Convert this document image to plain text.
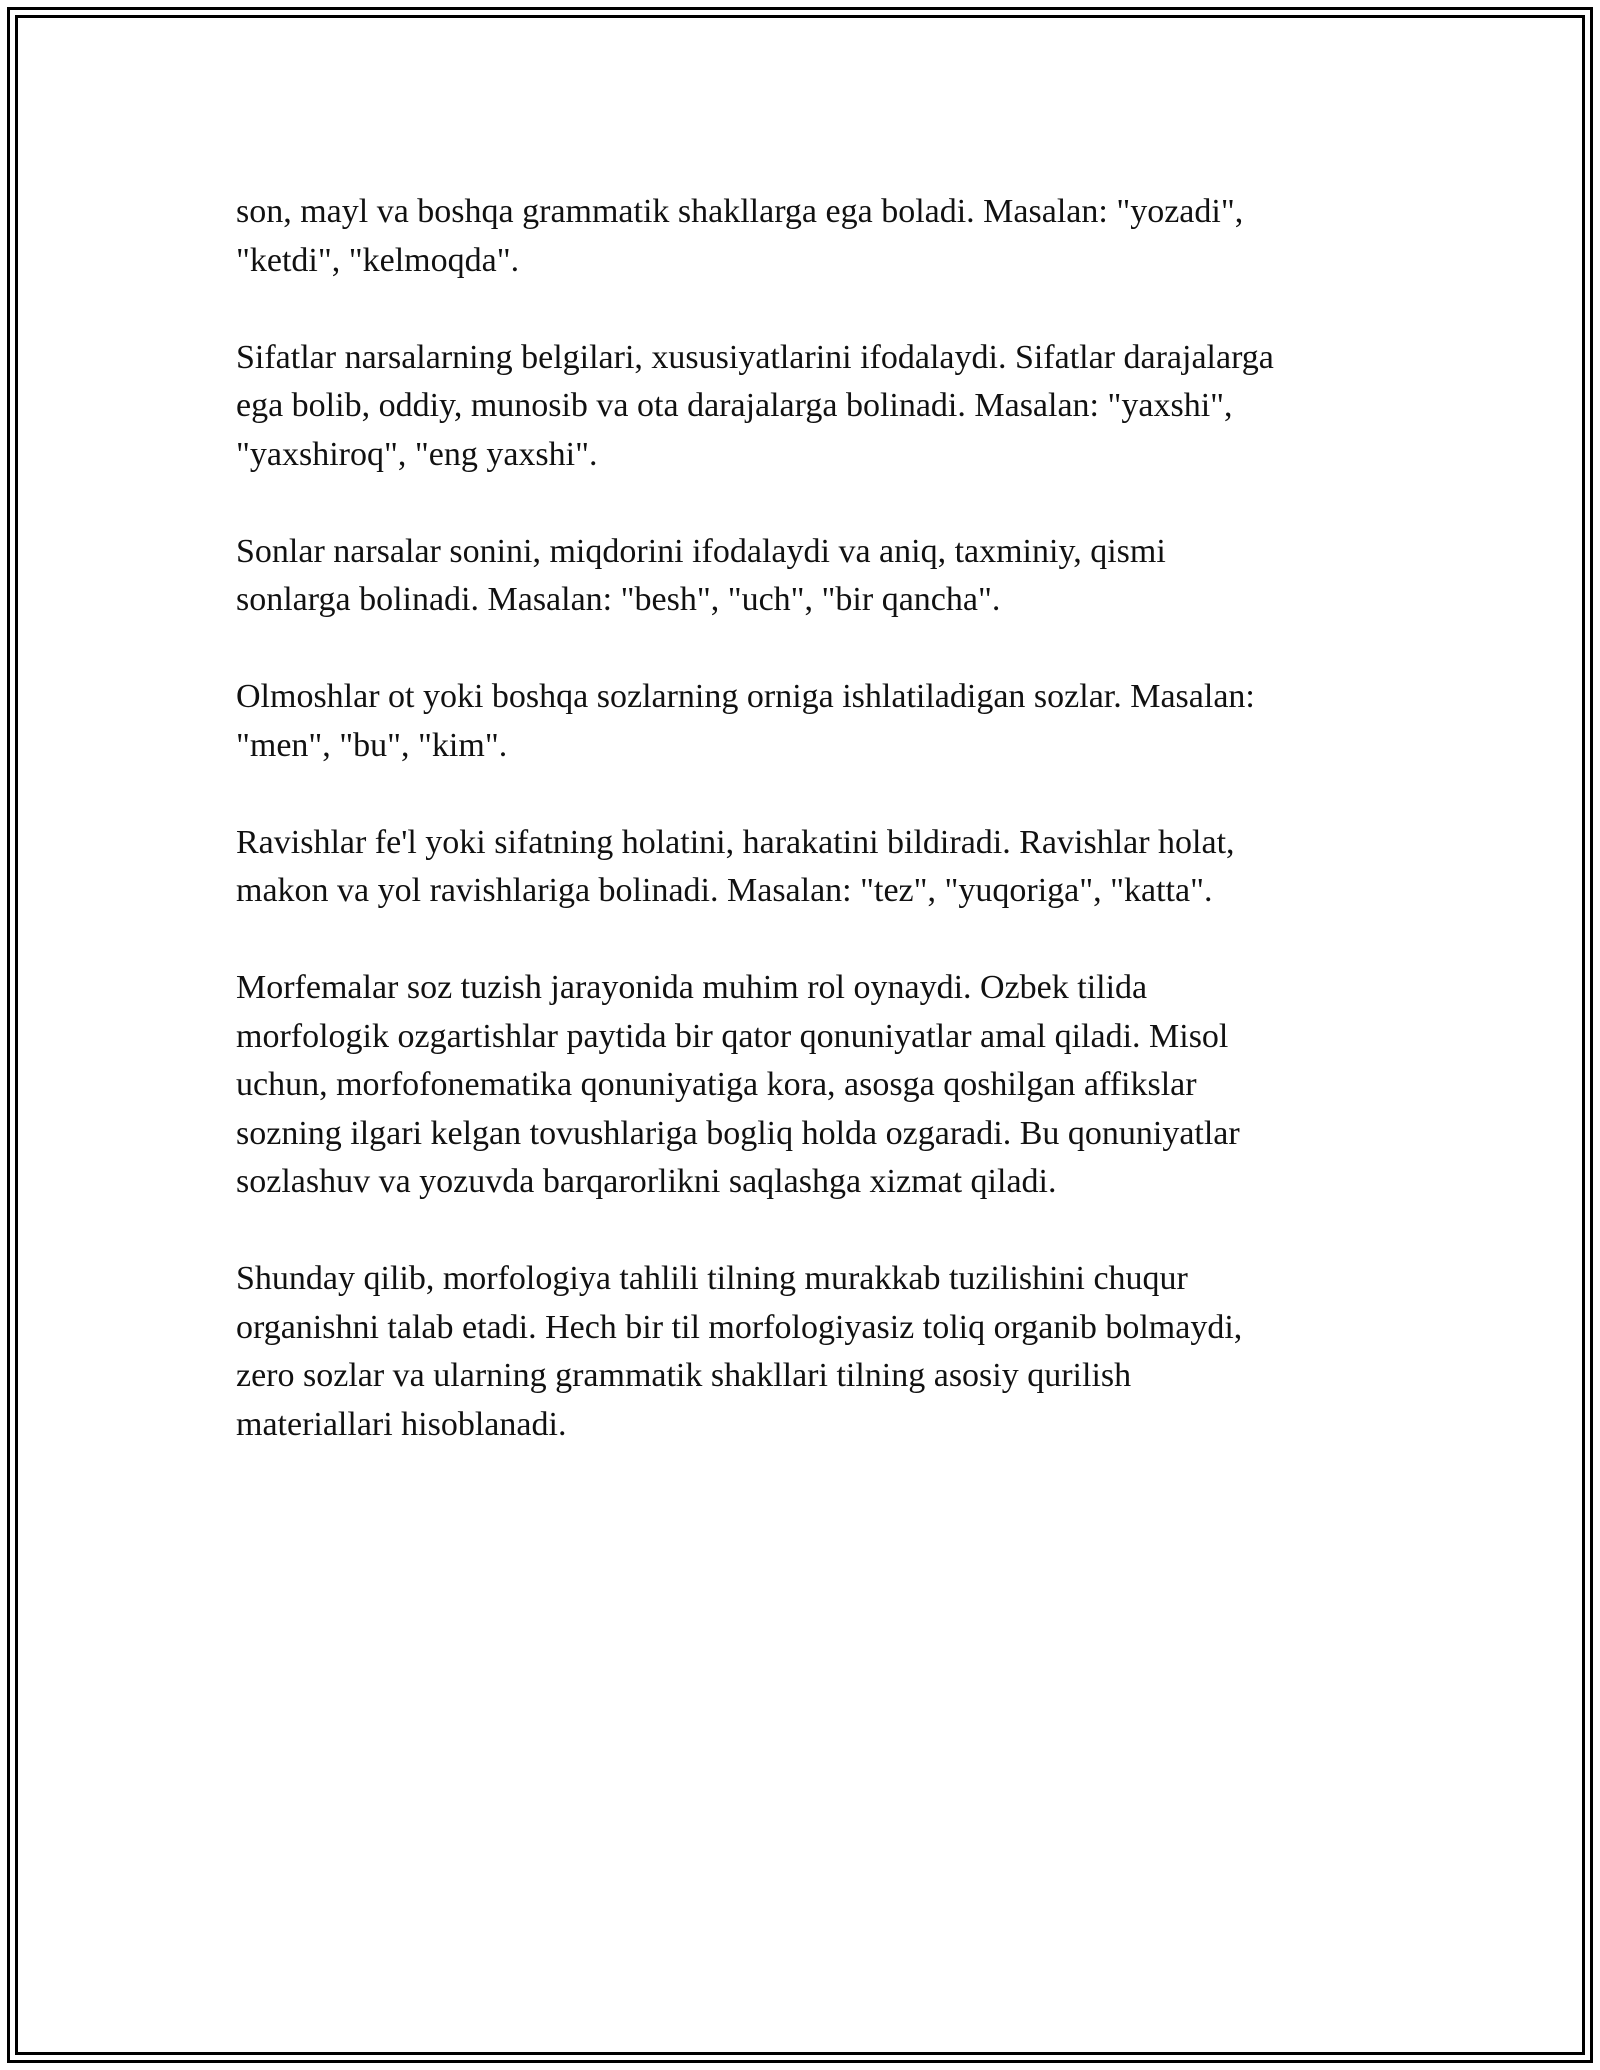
son, mayl va boshqa grammatik shakllarga ega boladi. Masalan: "yozadi",
"ketdi", "kelmoqda".

Sifatlar narsalarning belgilari, xususiyatlarini ifodalaydi. Sifatlar darajalarga
ega bolib, oddiy, munosib va ota darajalarga bolinadi. Masalan: "yaxshi",
"yaxshiroq", "eng yaxshi".

Sonlar narsalar sonini, miqdorini ifodalaydi va aniq, taxminiy, qismi
sonlarga bolinadi. Masalan: "besh", "uch", "bir qancha".

Olmoshlar ot yoki boshqa sozlarning orniga ishlatiladigan sozlar. Masalan:
"men", "bu", "kim".

Ravishlar fe'l yoki sifatning holatini, harakatini bildiradi. Ravishlar holat,
makon va yol ravishlariga bolinadi. Masalan: "tez", "yuqoriga", "katta".

Morfemalar soz tuzish jarayonida muhim rol oynaydi. Ozbek tilida
morfologik ozgartishlar paytida bir qator qonuniyatlar amal qiladi. Misol
uchun, morfofonematika qonuniyatiga kora, asosga qoshilgan affikslar
sozning ilgari kelgan tovushlariga bogliq holda ozgaradi. Bu qonuniyatlar
sozlashuv va yozuvda barqarorlikni saqlashga xizmat qiladi.

Shunday qilib, morfologiya tahlili tilning murakkab tuzilishini chuqur
organishni talab etadi. Hech bir til morfologiyasiz toliq organib bolmaydi,
zero sozlar va ularning grammatik shakllari tilning asosiy qurilish
materiallari hisoblanadi.
